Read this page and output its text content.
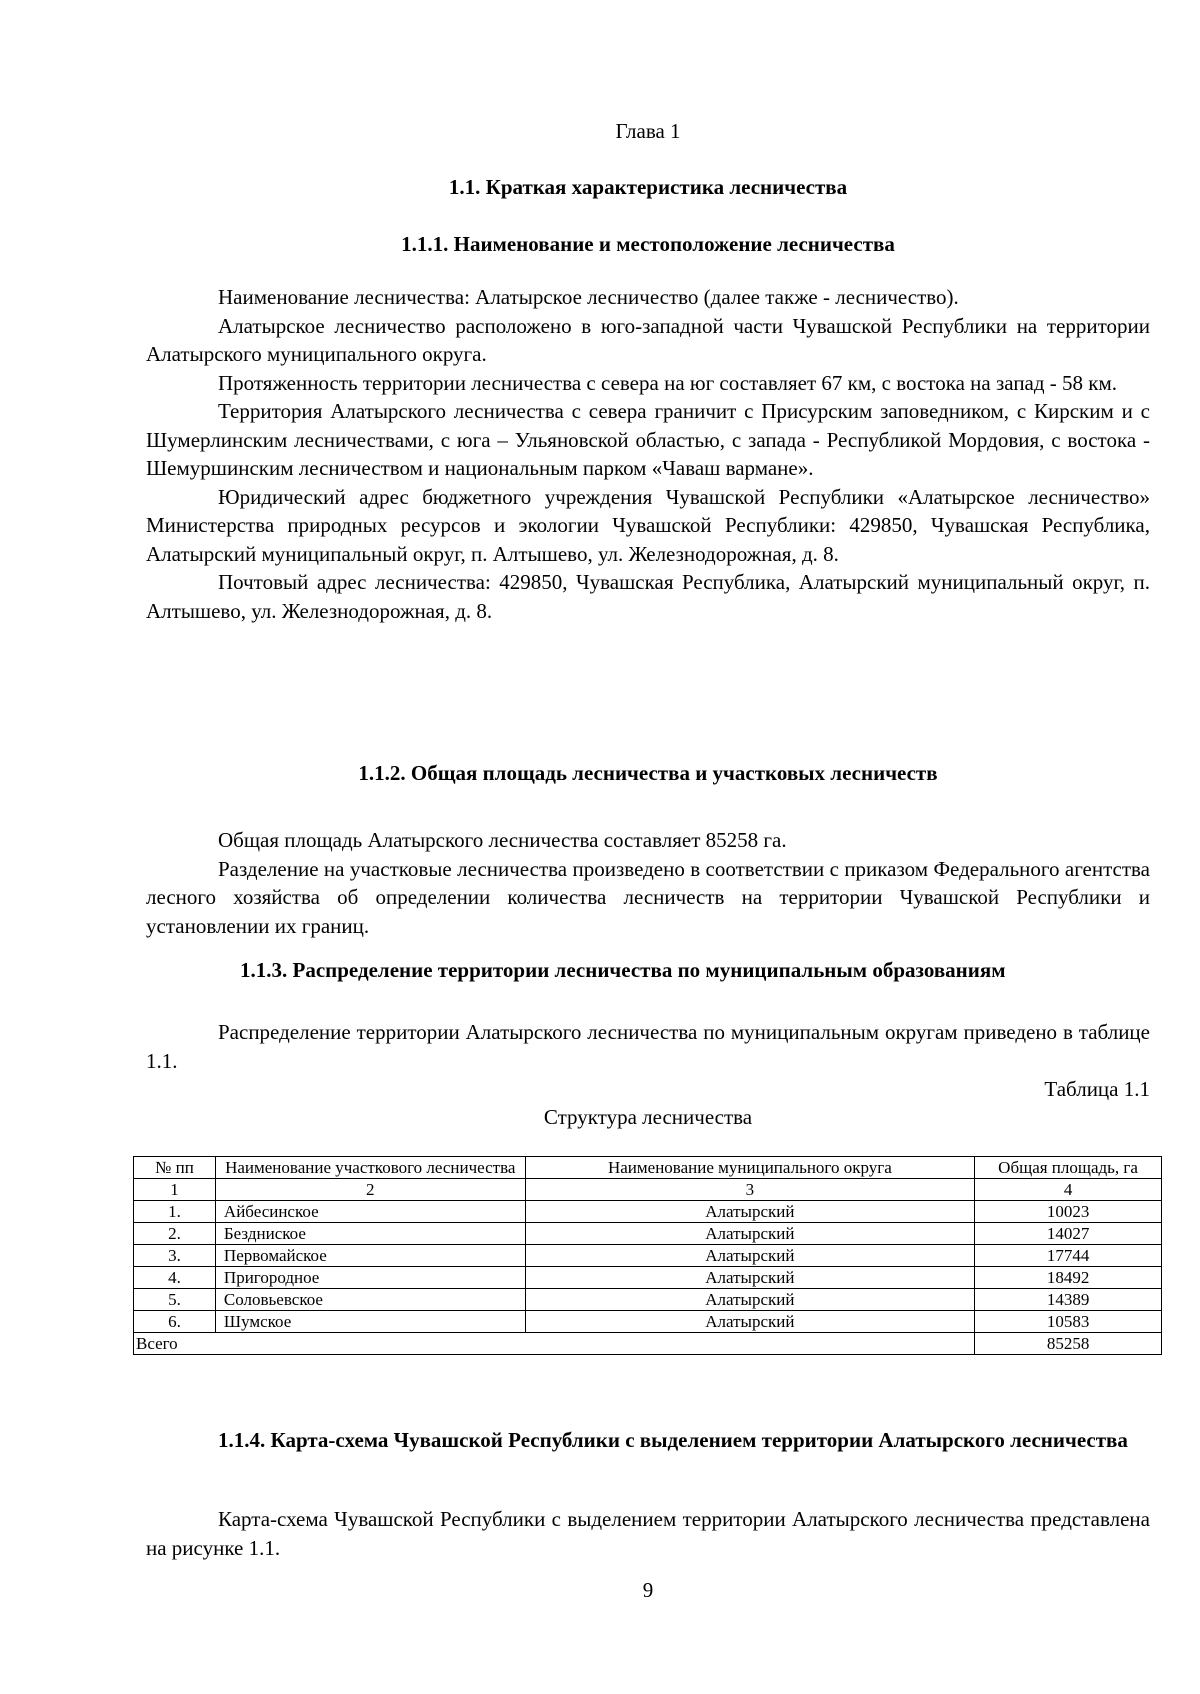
Глава 1
1.1. Краткая характеристика лесничества
1.1.1. Наименование и местоположение лесничества

Наименование лесничества: Алатырское лесничество (далее также - лесничество).

Алатырское лесничество расположено в юго-западной части Чувашской Республики на территории Алатырского муниципального округа.

Протяженность территории лесничества с севера на юг составляет 67 км, с востока на запад - 58 км.

Территория Алатырского лесничества с севера граничит с Присурским заповедником, с Кирским и с Шумерлинским лесничествами, с юга – Ульяновской областью, с запада - Республикой Мордовия, с востока - Шемуршинским лесничеством и национальным парком «Чаваш вармане».

Юридический адрес бюджетного учреждения Чувашской Республики «Алатырское лесничество» Министерства природных ресурсов и экологии Чувашской Республики: 429850, Чувашская Республика, Алатырский муниципальный округ, п. Алтышево, ул. Железнодорожная, д. 8.

Почтовый адрес лесничества: 429850, Чувашская Республика, Алатырский муниципальный округ, п. Алтышево, ул. Железнодорожная, д. 8.

1.1.2. Общая площадь лесничества и участковых лесничеств

Общая площадь Алатырского лесничества составляет 85258 га.

Разделение на участковые лесничества произведено в соответствии с приказом Федерального агентства лесного хозяйства об определении количества лесничеств на территории Чувашской Республики и установлении их границ.

1.1.3. Распределение территории лесничества по муниципальным образованиям

Распределение территории Алатырского лесничества по муниципальным округам приведено в таблице 1.1.

Таблица 1.1
Структура лесничества
№ пп	Наименование участкового лесничества	Наименование муниципального округа	Общая площадь, га
1	2	3	4
1.	Айбесинское	Алатырский	10023
2.	Бездниское	Алатырский	14027
3.	Первомайское	Алатырский	17744
4.	Пригородное	Алатырский	18492
5.	Соловьевское	Алатырский	14389
6.	Шумское	Алатырский	10583
Всего			85258
1.1.4. Карта-схема Чувашской Республики с выделением территории Алатырского лесничества

Карта-схема Чувашской Республики с выделением территории Алатырского лесничества представлена на рисунке 1.1.

9
